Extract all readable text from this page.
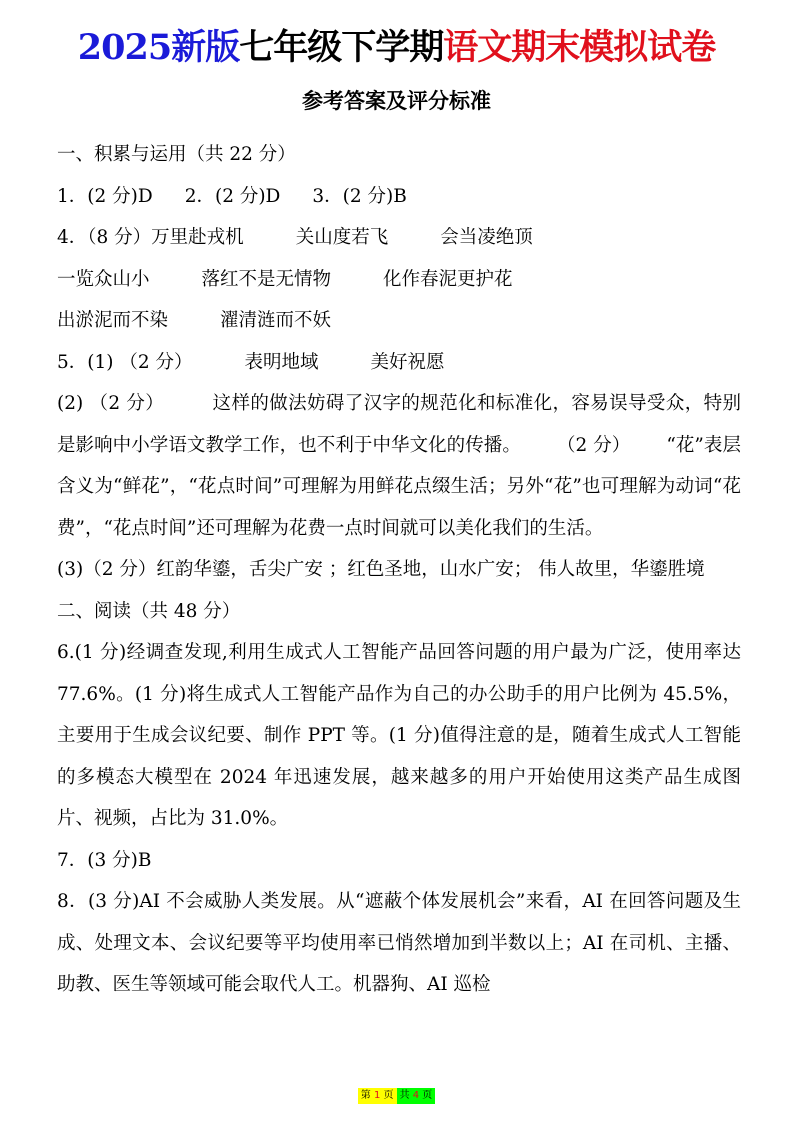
2025新版七年级下学期语文期末模拟试卷
参考答案及评分标准
一、积累与运用（共 22 分）
1．(2 分)D 2．(2 分)D 3．(2 分)B
4．（8 分）万里赴戎机	关山度若飞	会当凌绝顶
一览众山小	落红不是无情物	化作春泥更护花
出淤泥而不染	濯清涟而不妖
5．(1) （2 分）	表明地域	美好祝愿
(2) （2 分）	这样的做法妨碍了汉字的规范化和标准化，容易误导受众，特别是影响中小学语文教学工作，也不利于中华文化的传播。 （2 分） “花”表层含义为“鲜花”，“花点时间”可理解为用鲜花点缀生活；另外“花”也可理解为动词“花费”，“花点时间”还可理解为花费一点时间就可以美化我们的生活。
(3)（2 分）红韵华鎏，舌尖广安 ；红色圣地，山水广安； 伟人故里，华鎏胜境
二、阅读（共 48 分）
6.(1 分)经调查发现,利用生成式人工智能产品回答问题的用户最为广泛，使用率达 77.6%。(1 分)将生成式人工智能产品作为自己的办公助手的用户比例为 45.5%，主要用于生成会议纪要、制作 PPT 等。(1 分)值得注意的是，随着生成式人工智能的多模态大模型在 2024 年迅速发展，越来越多的用户开始使用这类产品生成图片、视频，占比为 31.0%。
7．(3 分)B
8．(3 分)AI 不会威胁人类发展。从“遮蔽个体发展机会”来看，AI 在回答问题及生成、处理文本、会议纪要等平均使用率已悄然增加到半数以上；AI 在司机、主播、助教、医生等领域可能会取代人工。机器狗、AI 巡检
第 1 页 共 4 页
